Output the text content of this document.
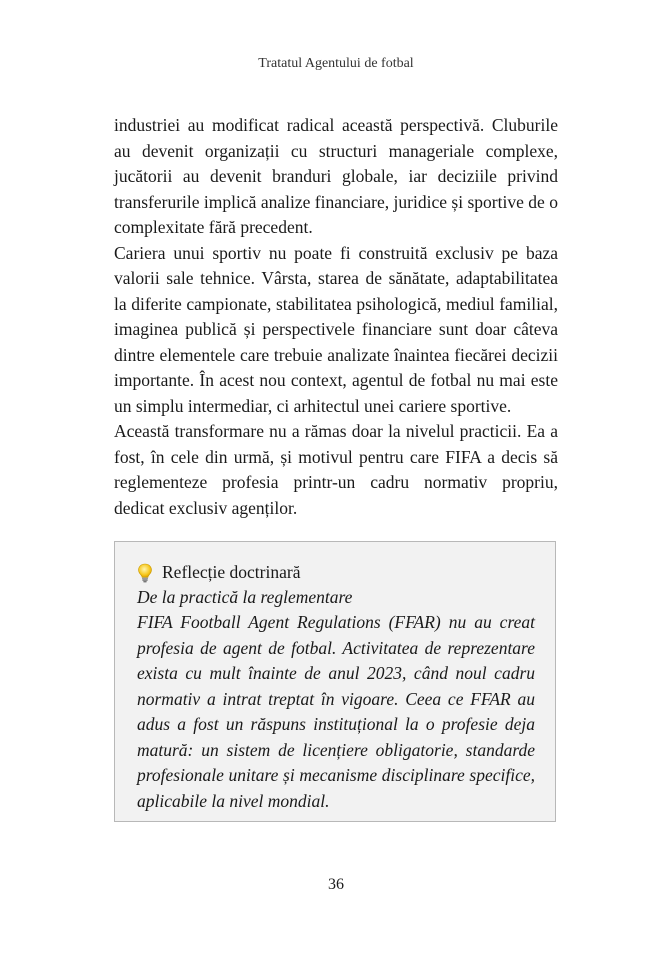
Tratatul Agentului de fotbal

industriei au modificat radical această perspectivă. Cluburile au devenit organizații cu structuri manageriale complexe, jucătorii au devenit branduri globale, iar deciziile privind transferurile implică analize financiare, juridice și sportive de o complexitate fără precedent.

Cariera unui sportiv nu poate fi construită exclusiv pe baza valorii sale tehnice. Vârsta, starea de sănătate, adaptabilitatea la diferite campionate, stabilitatea psihologică, mediul familial, imaginea publică și perspectivele financiare sunt doar câteva dintre elementele care trebuie analizate înaintea fiecărei decizii importante. În acest nou context, agentul de fotbal nu mai este un simplu intermediar, ci arhitectul unei cariere sportive.

Această transformare nu a rămas doar la nivelul practicii. Ea a fost, în cele din urmă, și motivul pentru care FIFA a decis să reglementeze profesia printr-un cadru normativ propriu, dedicat exclusiv agenților.

Reflecție doctrinară
De la practică la reglementare

FIFA Football Agent Regulations (FFAR) nu au creat profesia de agent de fotbal. Activitatea de reprezentare exista cu mult înainte de anul 2023, când noul cadru normativ a intrat treptat în vigoare. Ceea ce FFAR au adus a fost un răspuns instituțional la o profesie deja matură: un sistem de licențiere obligatorie, standarde profesionale unitare și mecanisme disciplinare specifice, aplicabile la nivel mondial.

36
